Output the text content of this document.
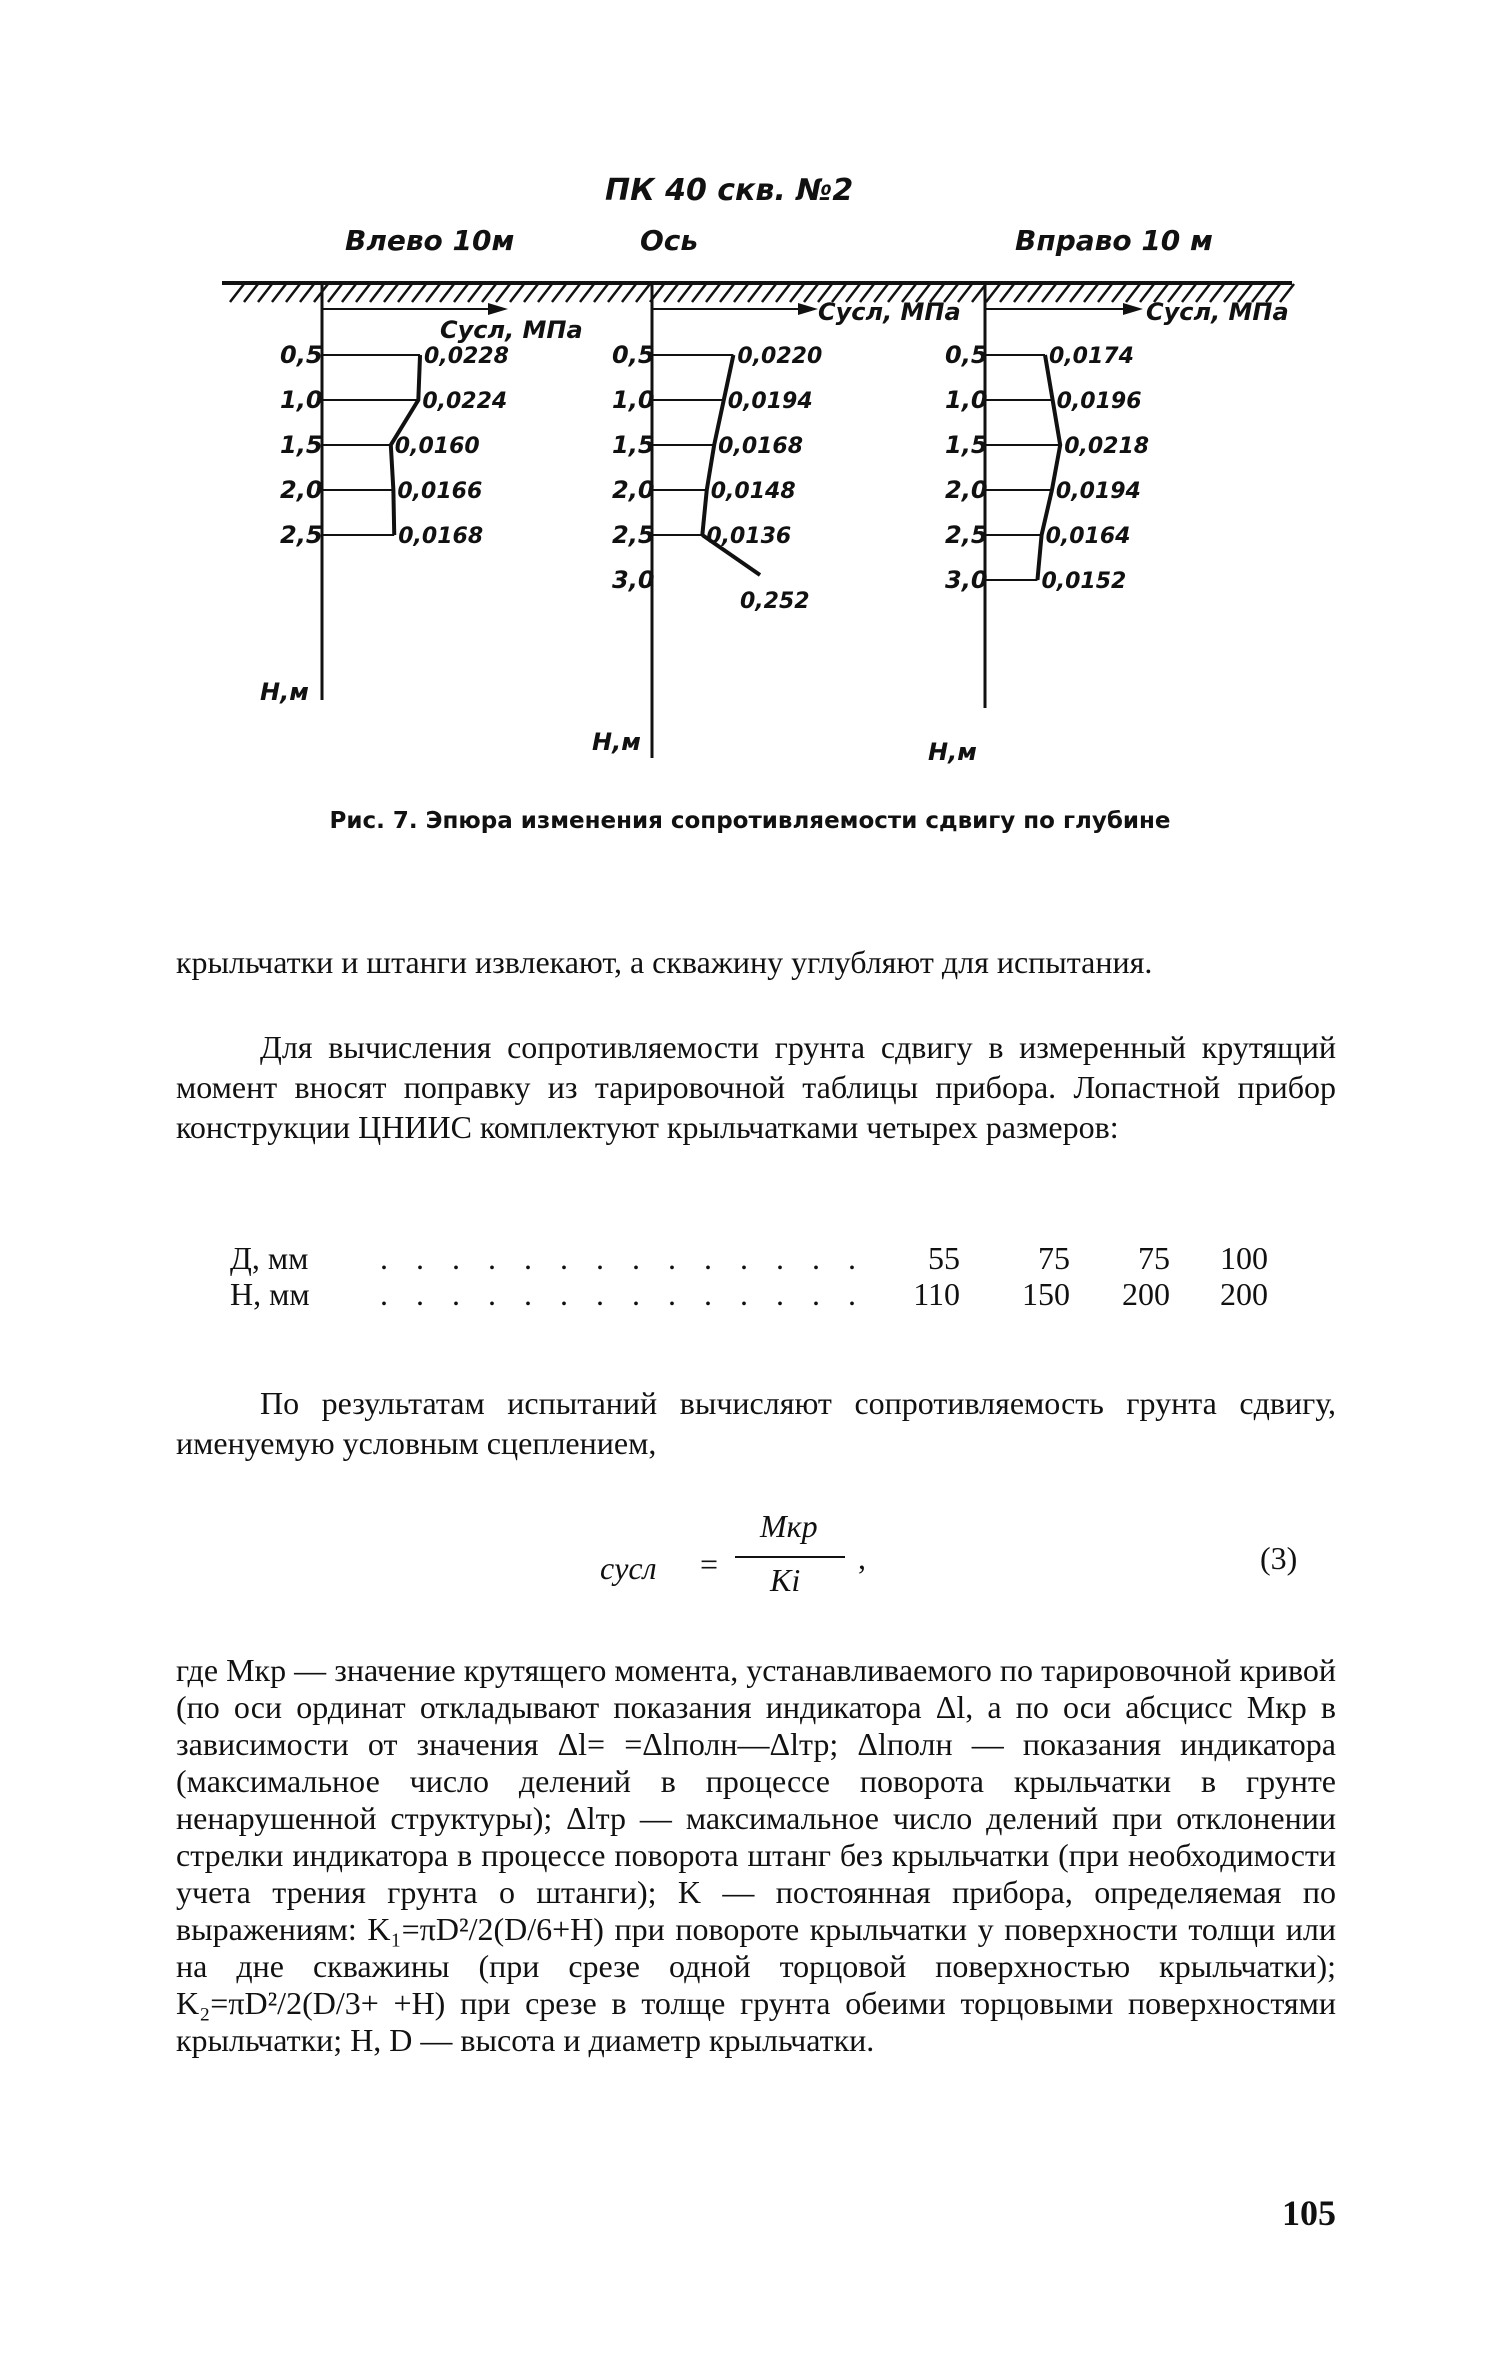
ПК 40 скв. №2
Влево 10м	Ось	Вправо 10 м
Сусл, МПа
Сусл, МПа	Сусл, МПа
0,0228
0,5
0,0224
1,0
0,0160
1,5
0,0166
2,0
0,0168
2,5
0,0220
0,5
0,0194
1,0
0,0168
1,5
0,0148
2,0
0,0136
2,5
0,252
3,0
0,0174
0,5
0,0196
1,0
0,0218
1,5
0,0194
2,0
0,0164
2,5
0,0152
3,0
Н,м
Н,м	Н,м
Рис. 7. Эпюра изменения сопротивляемости сдвигу по глубине
крыльчатки и штанги извлекают, а скважину углубляют для испытания.
Для вычисления сопротивляемости грунта сдвигу в измеренный крутящий момент вносят поправку из тарировочной таблицы прибора. Лопастной прибор конструкции ЦНИИС комплектуют крыльчатками четырех размеров:
Д, мм . . . . . . . . . . . . . .	55	75	75	100
Н, мм . . . . . . . . . . . . . .	110	150	200	200
По результатам испытаний вычисляют сопротивляемость грунта сдвигу, именуемую условным сцеплением,
cусл =
Mкр
Ki
,	(3)
где Mкр — значение крутящего момента, устанавливаемого по тарировочной кривой (по оси ординат откладывают показания индикатора Δl, а по оси абсцисс Mкр в зависимости от значения Δl= =Δlполн—Δlтр; Δlполн — показания индикатора (максимальное число делений в процессе поворота крыльчатки в грунте ненарушенной структуры); Δlтр — максимальное число делений при отклонении стрелки индикатора в процессе поворота штанг без крыльчатки (при необходимости учета трения грунта о штанги); K — постоянная прибора, определяемая по выражениям: K₁=πD²/2(D/6+H) при повороте крыльчатки у поверхности толщи или на дне скважины (при срезе одной торцовой поверхностью крыльчатки); K₂=πD²/2(D/3+ +H) при срезе в толще грунта обеими торцовыми поверхностями крыльчатки; H, D — высота и диаметр крыльчатки.
105
